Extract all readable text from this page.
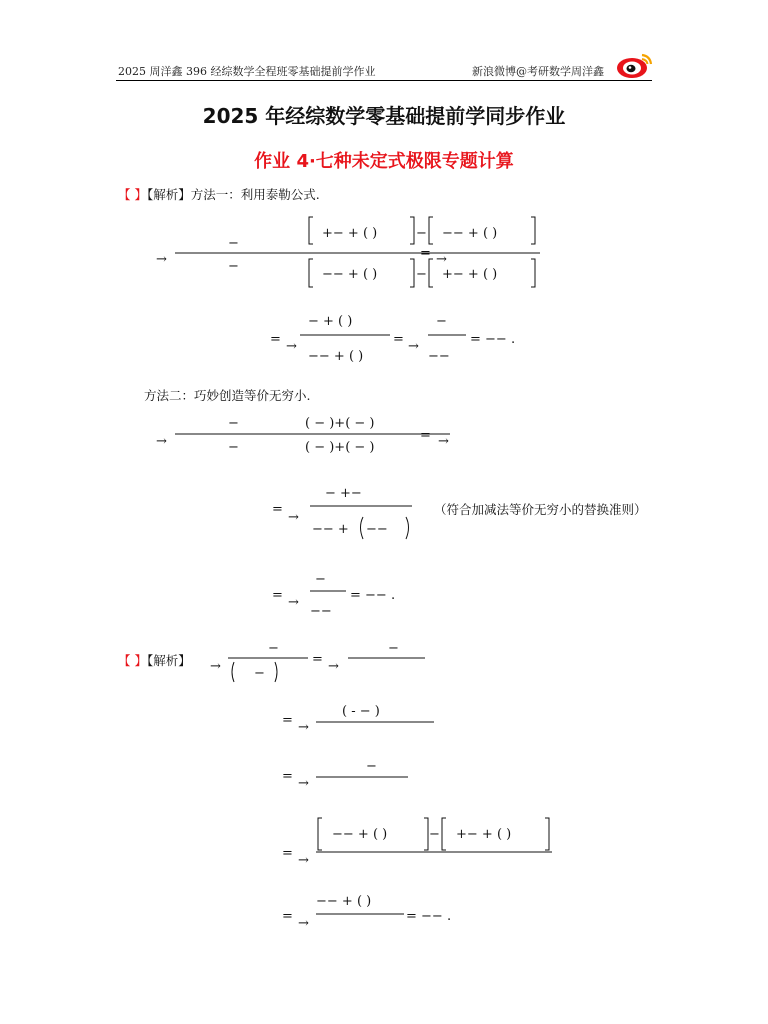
2025 周洋鑫 396 经综数学全程班零基础提前学作业	新浪微博@考研数学周洋鑫
2025 年经综数学零基础提前学同步作业
作业 4·七种未定式极限专题计算
【 】【解析】方法一：利用泰勒公式.
→
−
−
= →
+− + ( )	− −− + ( )
−− + ( )	− +− + ( )
= →
− + ( )
−− + ( )
= →
−
−−
= −− .
方法二：巧妙创造等价无穷小.
→
−
−
= →
( − )+( − )
( − )+( − )
=
→
− +−
−− + −−
= →
−
−−
= −− .
（符合加减法等价无穷小的替换准则）
【 】【解析】 →
−
−
= →
−
= →
( - − )
= →
−
= →
−− + ( )	− +− + ( )
= →
−− + ( )
= −− .
